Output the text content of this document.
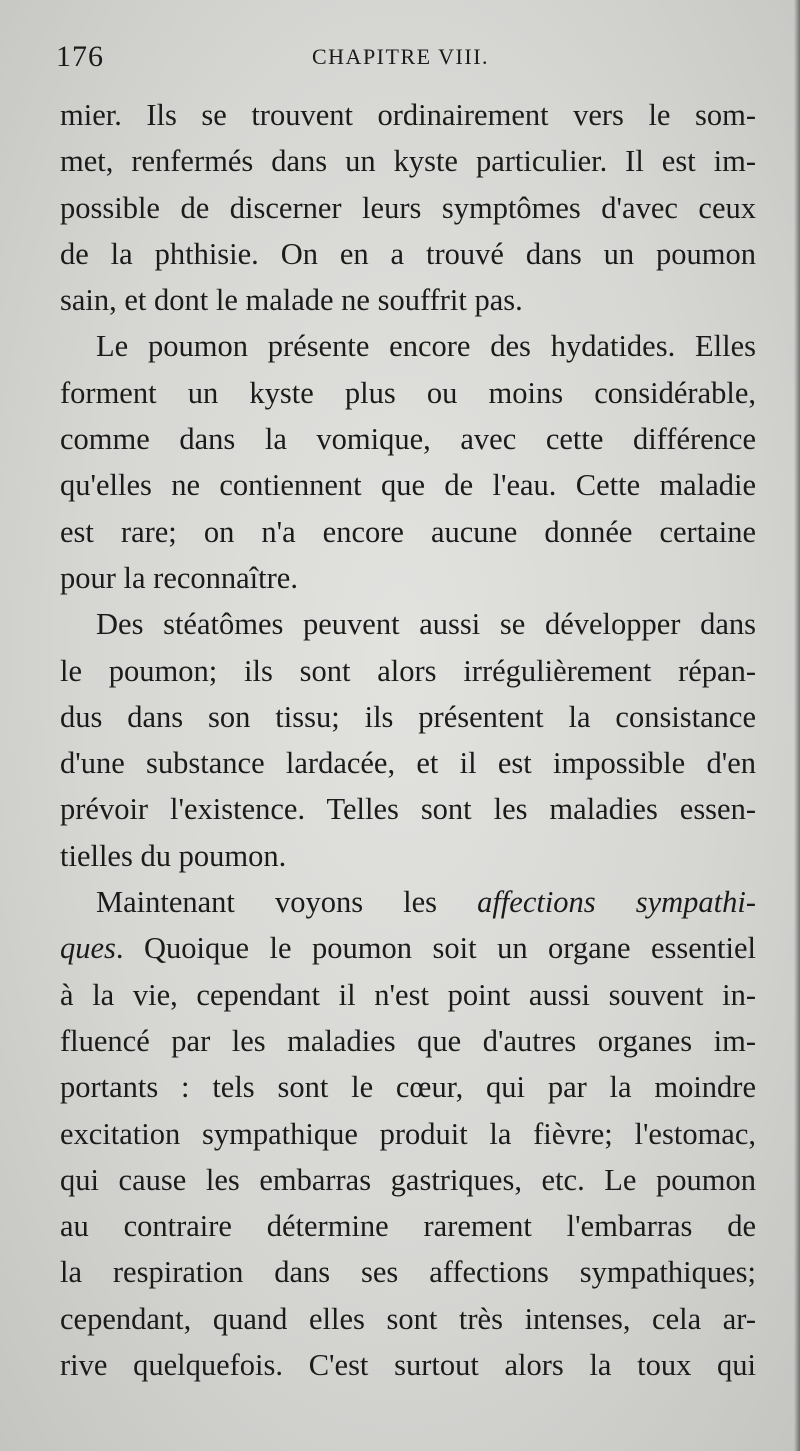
176	CHAPITRE VIII.
mier. Ils se trouvent ordinairement vers le som-
met, renfermés dans un kyste particulier. Il est im-
possible de discerner leurs symptômes d'avec ceux
de la phthisie. On en a trouvé dans un poumon
sain, et dont le malade ne souffrit pas.
Le poumon présente encore des hydatides. Elles
forment un kyste plus ou moins considérable,
comme dans la vomique, avec cette différence
qu'elles ne contiennent que de l'eau. Cette maladie
est rare; on n'a encore aucune donnée certaine
pour la reconnaître.
Des stéatômes peuvent aussi se développer dans
le poumon; ils sont alors irrégulièrement répan-
dus dans son tissu; ils présentent la consistance
d'une substance lardacée, et il est impossible d'en
prévoir l'existence. Telles sont les maladies essen-
tielles du poumon.
Maintenant voyons les affections sympathi-
ques. Quoique le poumon soit un organe essentiel
à la vie, cependant il n'est point aussi souvent in-
fluencé par les maladies que d'autres organes im-
portants : tels sont le cœur, qui par la moindre
excitation sympathique produit la fièvre; l'estomac,
qui cause les embarras gastriques, etc. Le poumon
au contraire détermine rarement l'embarras de
la respiration dans ses affections sympathiques;
cependant, quand elles sont très intenses, cela ar-
rive quelquefois. C'est surtout alors la toux qui
